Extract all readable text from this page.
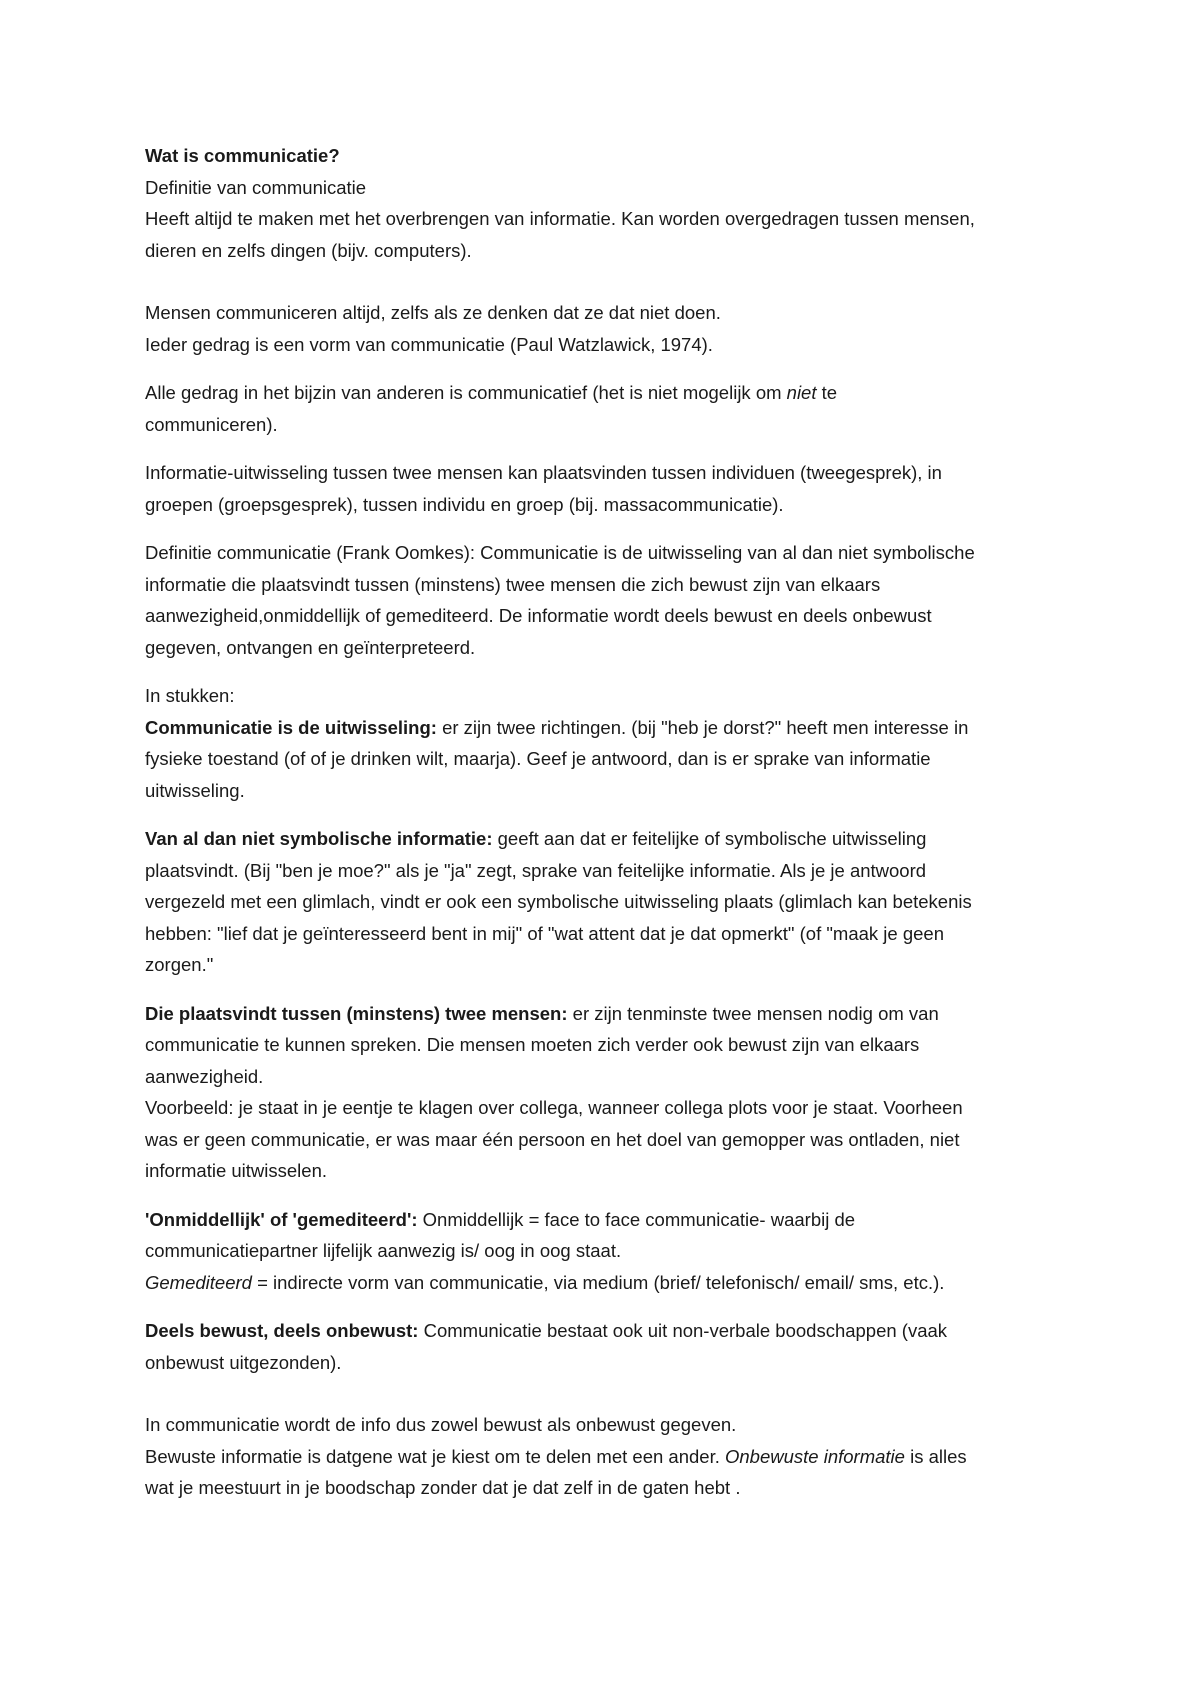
Wat is communicatie?
Definitie van communicatie
Heeft altijd te maken met het overbrengen van informatie. Kan worden overgedragen tussen mensen,
dieren en zelfs dingen (bijv. computers).
Mensen communiceren altijd, zelfs als ze denken dat ze dat niet doen.
Ieder gedrag is een vorm van communicatie (Paul Watzlawick, 1974).
Alle gedrag in het bijzin van anderen is communicatief (het is niet mogelijk om niet te
communiceren).
Informatie-uitwisseling tussen twee mensen kan plaatsvinden tussen individuen (tweegesprek), in
groepen (groepsgesprek), tussen individu en groep (bij. massacommunicatie).
Definitie communicatie (Frank Oomkes): Communicatie is de uitwisseling van al dan niet symbolische
informatie die plaatsvindt tussen (minstens) twee mensen die zich bewust zijn van elkaars
aanwezigheid,onmiddellijk of gemediteerd. De informatie wordt deels bewust en deels onbewust
gegeven, ontvangen en geïnterpreteerd.
In stukken:
Communicatie is de uitwisseling: er zijn twee richtingen. (bij "heb je dorst?" heeft men interesse in
fysieke toestand (of of je drinken wilt, maarja). Geef je antwoord, dan is er sprake van informatie
uitwisseling.
Van al dan niet symbolische informatie: geeft aan dat er feitelijke of symbolische uitwisseling
plaatsvindt. (Bij "ben je moe?" als je "ja" zegt, sprake van feitelijke informatie. Als je je antwoord
vergezeld met een glimlach, vindt er ook een symbolische uitwisseling plaats (glimlach kan betekenis
hebben: "lief dat je geïnteresseerd bent in mij" of "wat attent dat je dat opmerkt" (of "maak je geen
zorgen."
Die plaatsvindt tussen (minstens) twee mensen: er zijn tenminste twee mensen nodig om van
communicatie te kunnen spreken. Die mensen moeten zich verder ook bewust zijn van elkaars
aanwezigheid.
Voorbeeld: je staat in je eentje te klagen over collega, wanneer collega plots voor je staat. Voorheen
was er geen communicatie, er was maar één persoon en het doel van gemopper was ontladen, niet
informatie uitwisselen.
'Onmiddellijk' of 'gemediteerd': Onmiddellijk = face to face communicatie- waarbij de
communicatiepartner lijfelijk aanwezig is/ oog in oog staat.
Gemediteerd = indirecte vorm van communicatie, via medium (brief/ telefonisch/ email/ sms, etc.).
Deels bewust, deels onbewust: Communicatie bestaat ook uit non-verbale boodschappen (vaak
onbewust uitgezonden).
In communicatie wordt de info dus zowel bewust als onbewust gegeven.
Bewuste informatie is datgene wat je kiest om te delen met een ander. Onbewuste informatie is alles
wat je meestuurt in je boodschap zonder dat je dat zelf in de gaten hebt .
